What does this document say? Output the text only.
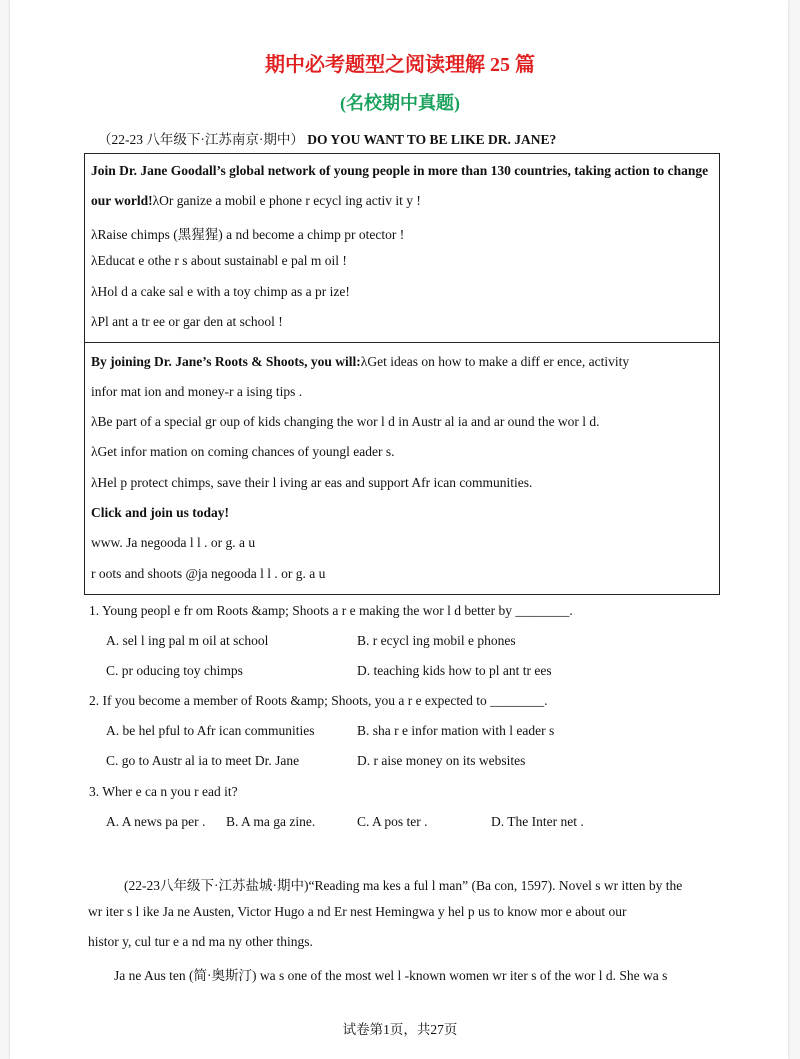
期中必考题型之阅读理解 25 篇
(名校期中真题)
（22-23 八年级下·江苏南京·期中） DO YOU WANT TO BE LIKE DR. JANE?
Join Dr. Jane Goodall’s global network of young people in more than 130 countries, taking action to change
our world!λOr ganize a mobil e phone r ecycl ing activ it y !
λRaise chimps (黑猩猩) a nd become a chimp pr otector !
λEducat e othe r s about sustainabl e pal m oil !
λHol d a cake sal e with a toy chimp as a pr ize!
λPl ant a tr ee or gar den at school !
By joining Dr. Jane’s Roots & Shoots, you will:λGet ideas on how to make a diff er ence, activity
infor mat ion and money-r a ising tips .
λBe part of a special gr oup of kids changing the wor l d in Austr al ia and ar ound the wor l d.
λGet infor mation on coming chances of youngl eader s.
λHel p protect chimps, save their l iving ar eas and support Afr ican communities.
Click and join us today!
www. Ja negooda l l . or g. a u
r oots and shoots @ja negooda l l . or g. a u
1. Young peopl e fr om Roots &amp; Shoots a r e making the wor l d better by ________.
A. sel l ing pal m oil at school	B. r ecycl ing mobil e phones
C. pr oducing toy chimps	D. teaching kids how to pl ant tr ees
2. If you become a member of Roots &amp; Shoots, you a r e expected to ________.
A. be hel pful to Afr ican communities	B. sha r e infor mation with l eader s
C. go to Austr al ia to meet Dr. Jane	D. r aise money on its websites
3. Wher e ca n you r ead it?
A. A news pa per . B. A ma ga zine.	C. A pos ter .	D. The Inter net .
(22-23八年级下·江苏盐城·期中)“Reading ma kes a ful l man” (Ba con, 1597). Novel s wr itten by the
wr iter s l ike Ja ne Austen, Victor Hugo a nd Er nest Hemingwa y hel p us to know mor e about our
histor y, cul tur e a nd ma ny other things.
Ja ne Aus ten (简·奥斯汀) wa s one of the most wel l -known women wr iter s of the wor l d. She wa s
试卷第1页，共27页
